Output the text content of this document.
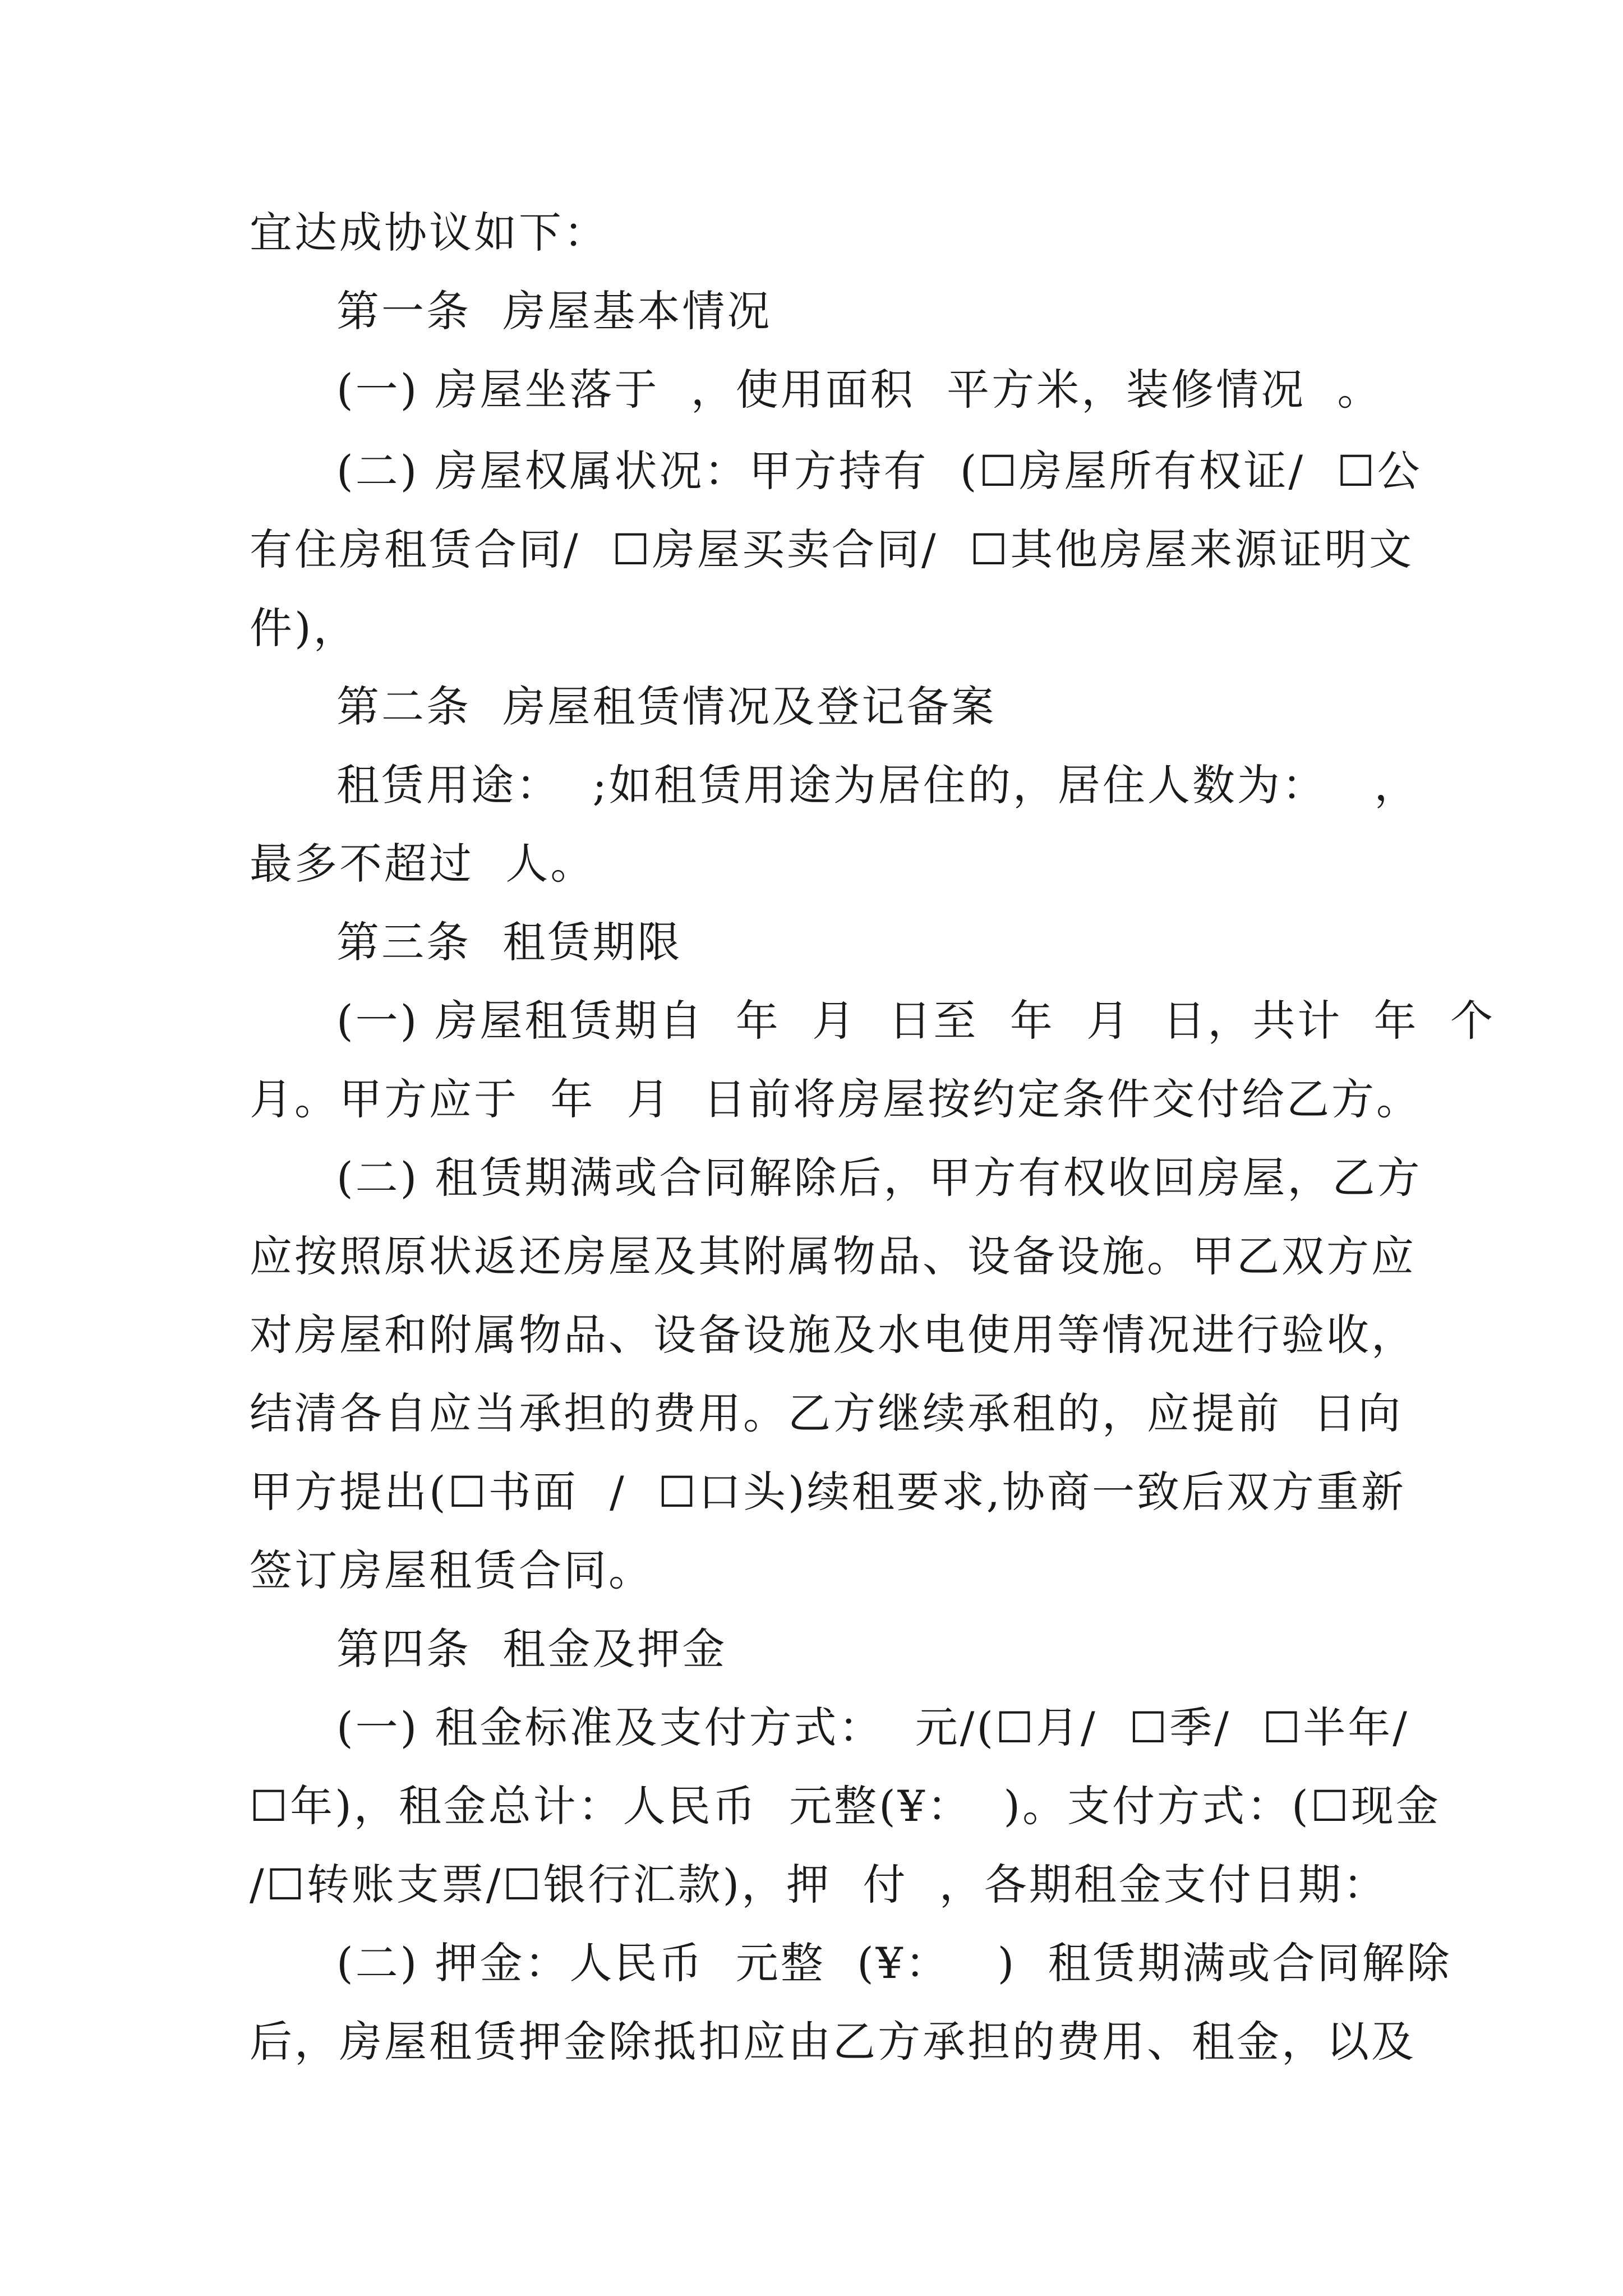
宜达成协议如下：
第一条  房屋基本情况
(一) 房屋坐落于  ，使用面积  平方米，装修情况  。
(二) 房屋权属状况：甲方持有  (☐房屋所有权证/  ☐公
有住房租赁合同/  ☐房屋买卖合同/  ☐其他房屋来源证明文
件)，
第二条  房屋租赁情况及登记备案
租赁用途：  ;如租赁用途为居住的，居住人数为：   ，
最多不超过  人。
第三条  租赁期限
(一) 房屋租赁期自  年  月  日至  年  月  日，共计  年  个
月。甲方应于  年  月  日前将房屋按约定条件交付给乙方。
(二) 租赁期满或合同解除后，甲方有权收回房屋，乙方
应按照原状返还房屋及其附属物品、设备设施。甲乙双方应
对房屋和附属物品、设备设施及水电使用等情况进行验收，
结清各自应当承担的费用。乙方继续承租的，应提前  日向
甲方提出(☐书面  /  ☐口头)续租要求,协商一致后双方重新
签订房屋租赁合同。
第四条  租金及押金
(一) 租金标准及支付方式：  元/(☐月/  ☐季/  ☐半年/
☐年)，租金总计：人民币  元整(¥：  )。支付方式：(☐现金
/☐转账支票/☐银行汇款)，押  付  ，各期租金支付日期：
(二) 押金：人民币  元整  (¥：   )  租赁期满或合同解除
后，房屋租赁押金除抵扣应由乙方承担的费用、租金，以及
